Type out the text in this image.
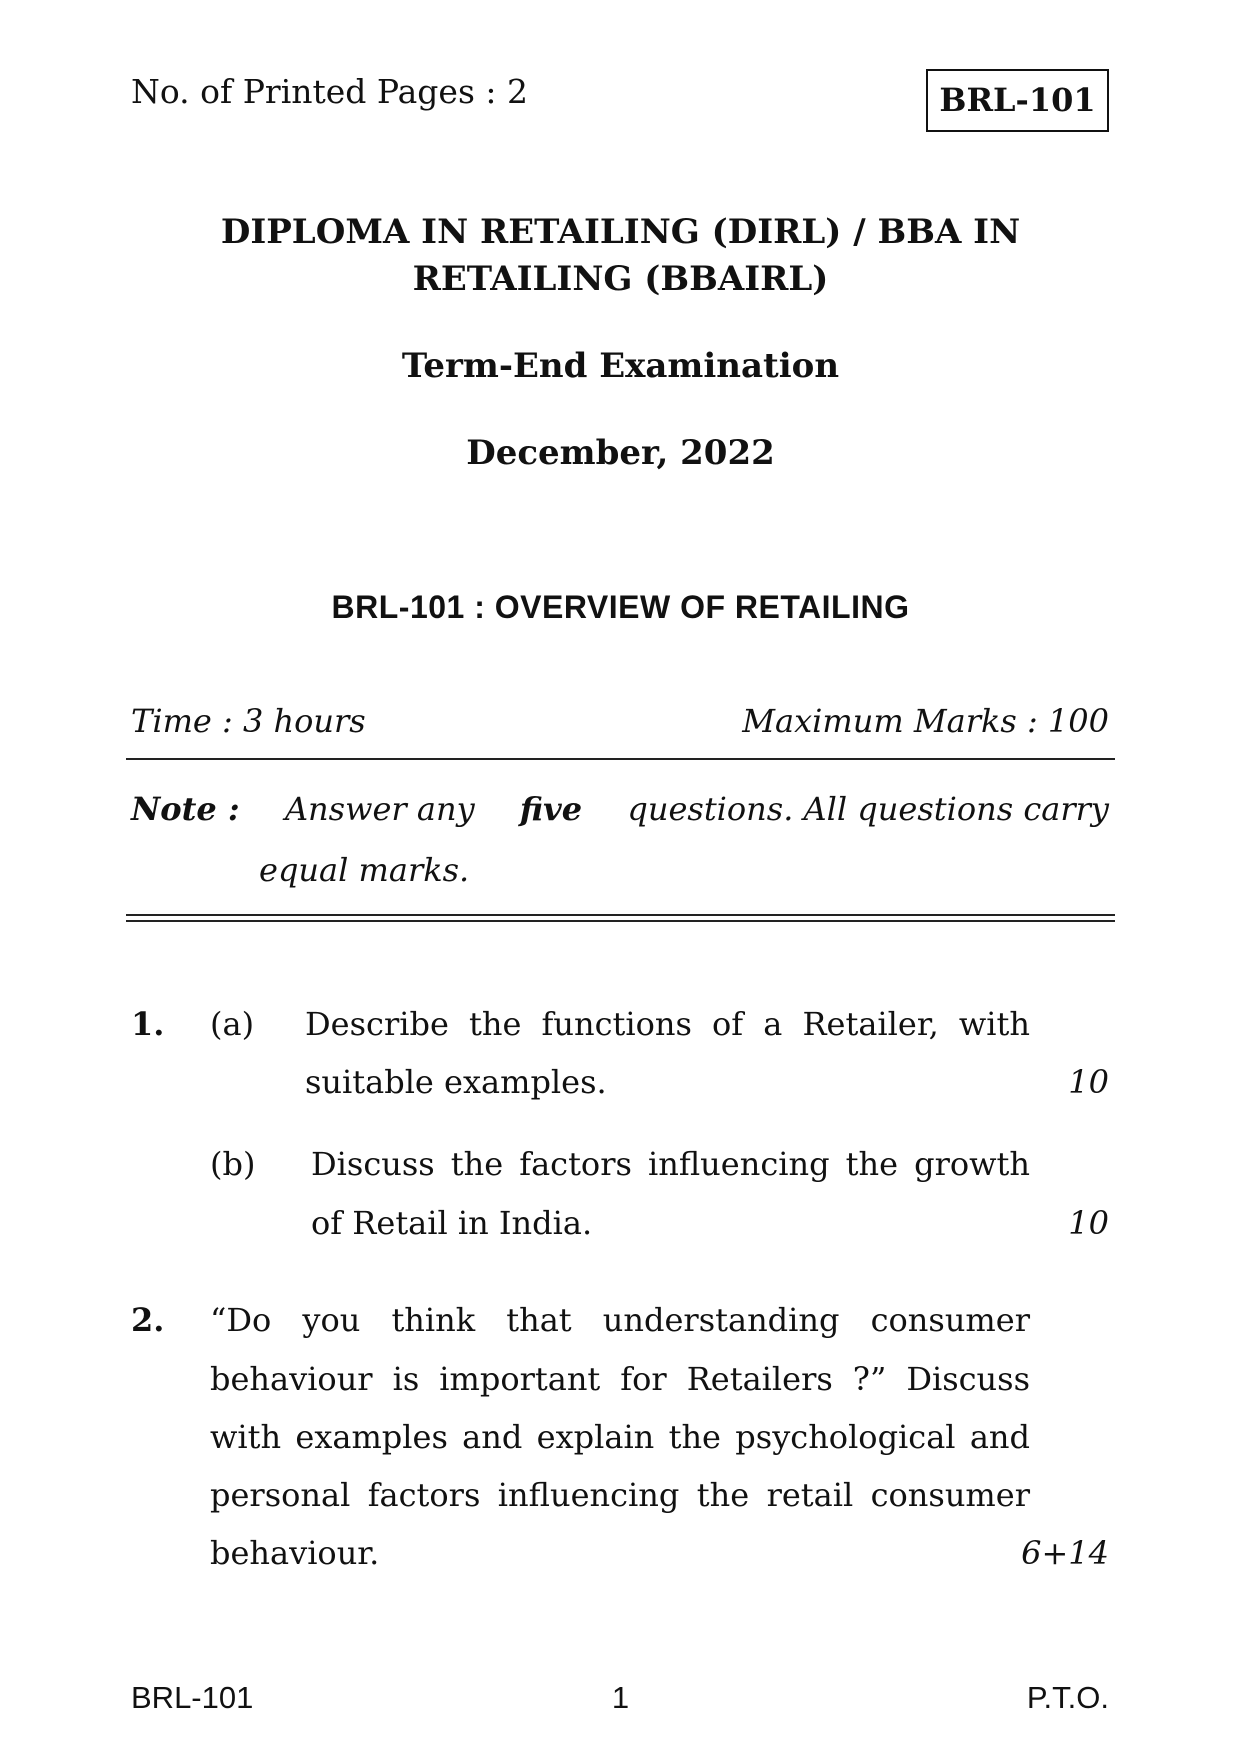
No. of Printed Pages : 2	BRL-101
DIPLOMA IN RETAILING (DIRL) / BBA IN
RETAILING (BBAIRL)
Term-End Examination
December, 2022
BRL-101 : OVERVIEW OF RETAILING
Time : 3 hours	Maximum Marks : 100
Note : Answer any five questions. All questions carry
equal marks.
1. (a) Describe the functions of a Retailer, with
suitable examples.	10
(b) Discuss the factors influencing the growth
of Retail in India.	10
2. “Do you think that understanding consumer
behaviour is important for Retailers ?” Discuss
with examples and explain the psychological and
personal factors influencing the retail consumer
behaviour.	6+14
BRL-101	1	P.T.O.
